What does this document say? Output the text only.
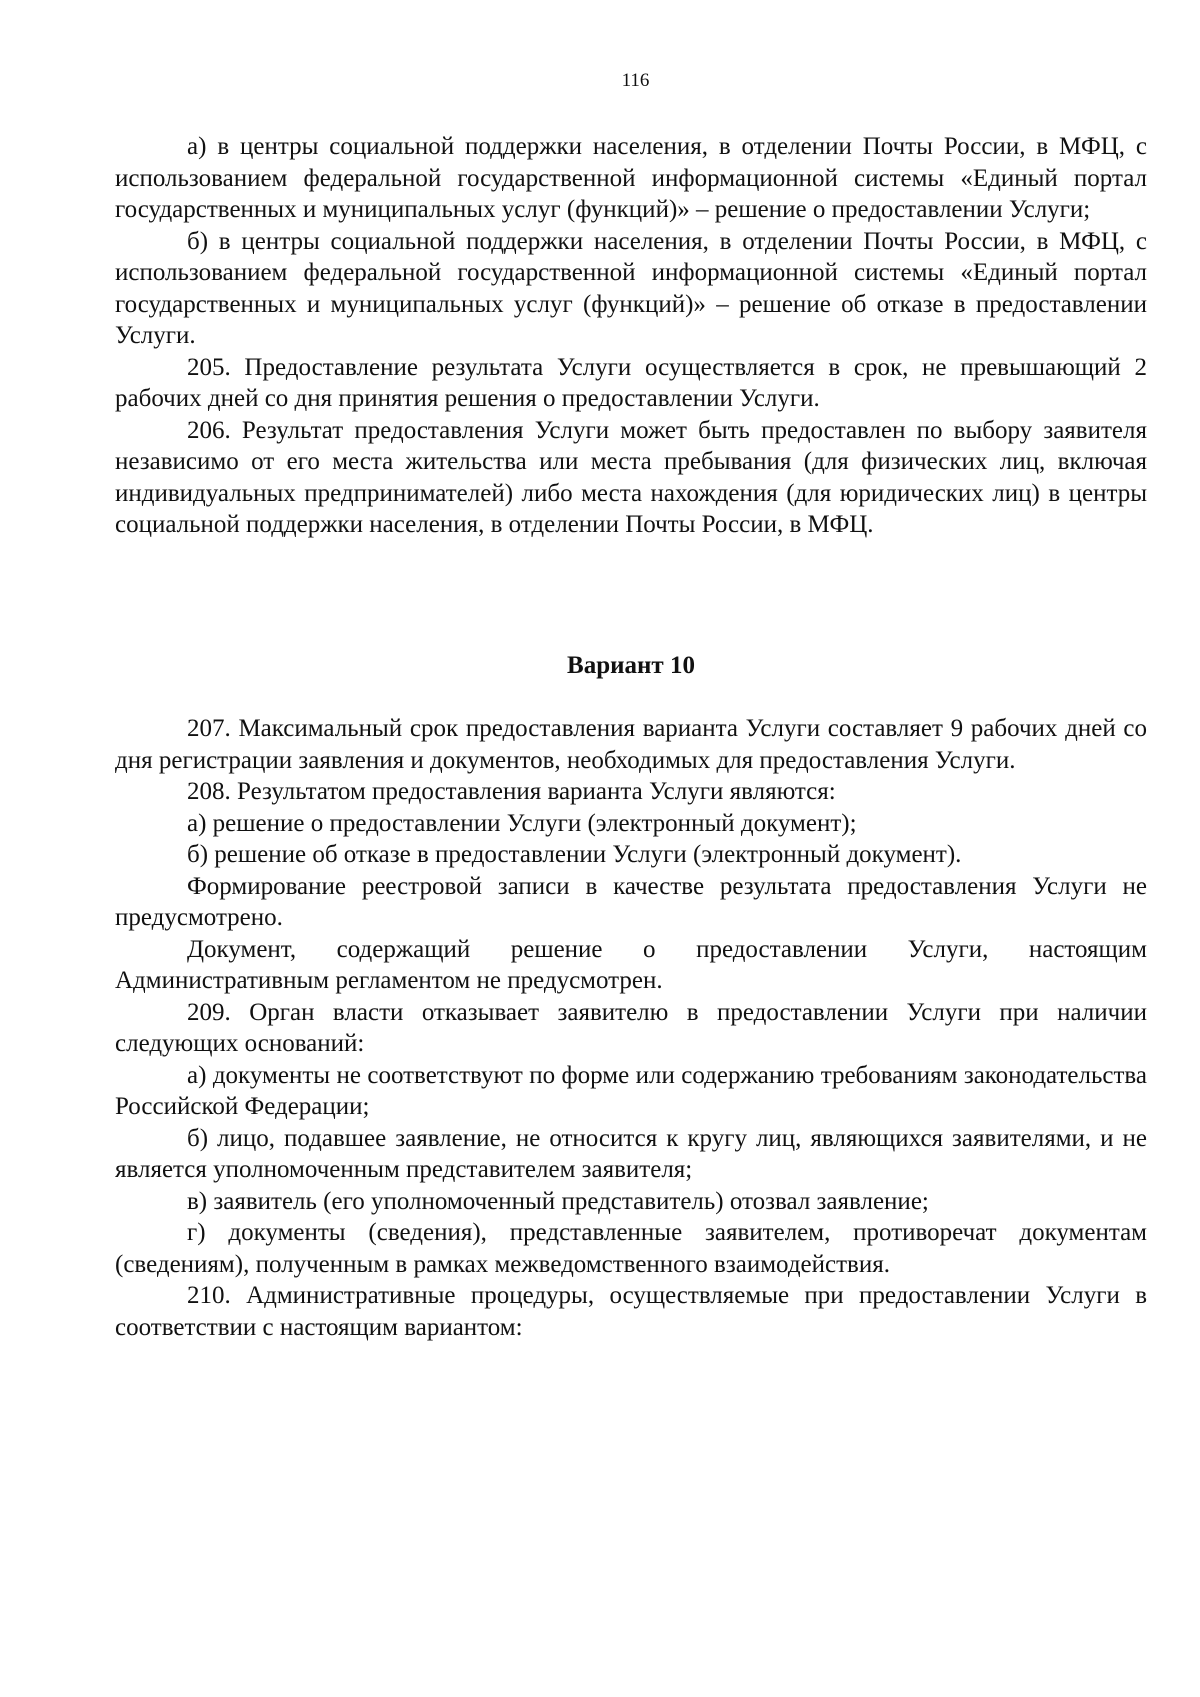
116

а) в центры социальной поддержки населения, в отделении Почты России, в МФЦ, с использованием федеральной государственной информационной системы «Единый портал государственных и муниципальных услуг (функций)» – решение о предоставлении Услуги;

б) в центры социальной поддержки населения, в отделении Почты России, в МФЦ, с использованием федеральной государственной информационной системы «Единый портал государственных и муниципальных услуг (функций)» – решение об отказе в предоставлении Услуги.

205. Предоставление результата Услуги осуществляется в срок, не превышающий 2 рабочих дней со дня принятия решения о предоставлении Услуги.

206. Результат предоставления Услуги может быть предоставлен по выбору заявителя независимо от его места жительства или места пребывания (для физических лиц, включая индивидуальных предпринимателей) либо места нахождения (для юридических лиц) в центры социальной поддержки населения, в отделении Почты России, в МФЦ.

Вариант 10

207. Максимальный срок предоставления варианта Услуги составляет 9 рабочих дней со дня регистрации заявления и документов, необходимых для предоставления Услуги.

208. Результатом предоставления варианта Услуги являются:

а) решение о предоставлении Услуги (электронный документ);

б) решение об отказе в предоставлении Услуги (электронный документ).

Формирование реестровой записи в качестве результата предоставления Услуги не предусмотрено.

Документ, содержащий решение о предоставлении Услуги, настоящим Административным регламентом не предусмотрен.

209. Орган власти отказывает заявителю в предоставлении Услуги при наличии следующих оснований:

а) документы не соответствуют по форме или содержанию требованиям законодательства Российской Федерации;

б) лицо, подавшее заявление, не относится к кругу лиц, являющихся заявителями, и не является уполномоченным представителем заявителя;

в) заявитель (его уполномоченный представитель) отозвал заявление;

г) документы (сведения), представленные заявителем, противоречат документам (сведениям), полученным в рамках межведомственного взаимодействия.

210. Административные процедуры, осуществляемые при предоставлении Услуги в соответствии с настоящим вариантом:
